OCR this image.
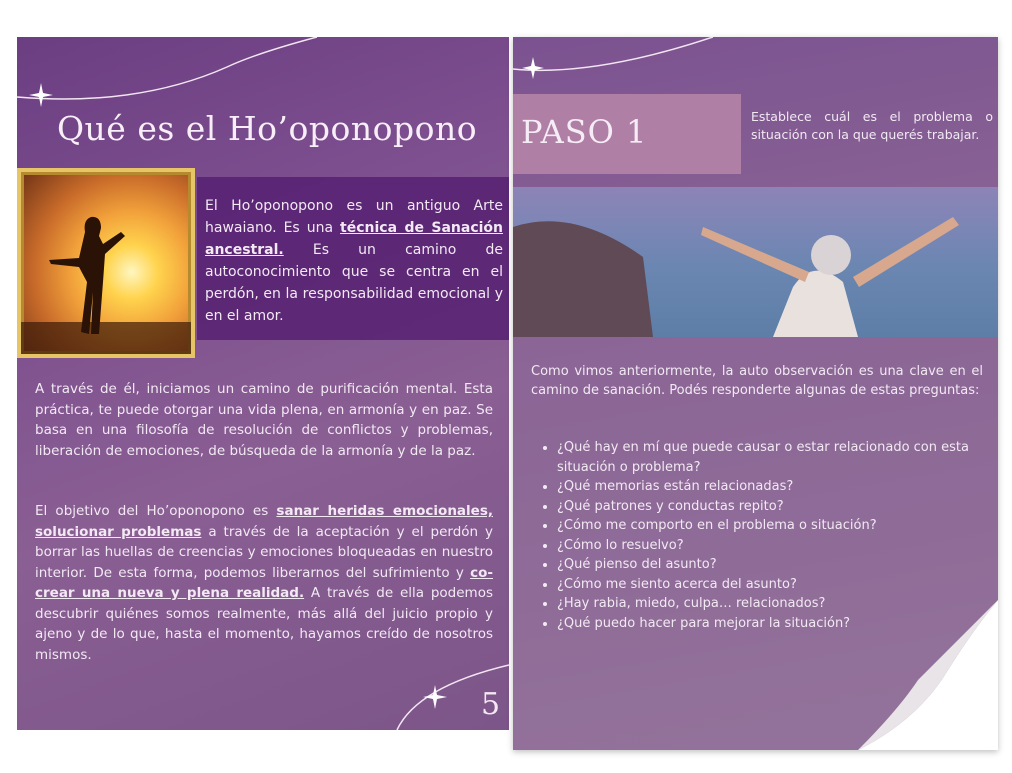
Qué es el Ho’oponopono
El Ho’oponopono es un antiguo Arte hawaiano. Es una técnica de Sanación ancestral. Es un camino de autoconocimiento que se centra en el perdón, en la responsabilidad emocional y en el amor.
A través de él, iniciamos un camino de purificación mental. Esta práctica, te puede otorgar una vida plena, en armonía y en paz. Se basa en una filosofía de resolución de conflictos y problemas, liberación de emociones, de búsqueda de la armonía y de la paz.
El objetivo del Ho’oponopono es sanar heridas emocionales, solucionar problemas a través de la aceptación y el perdón y borrar las huellas de creencias y emociones bloqueadas en nuestro interior. De esta forma, podemos liberarnos del sufrimiento y co-crear una nueva y plena realidad. A través de ella podemos descubrir quiénes somos realmente, más allá del juicio propio y ajeno y de lo que, hasta el momento, hayamos creído de nosotros mismos.
5
PASO 1	Establece cuál es el problema o situación con la que querés trabajar.
Como vimos anteriormente, la auto observación es una clave en el camino de sanación. Podés responderte algunas de estas preguntas:
• ¿Qué hay en mí que puede causar o estar relacionado con esta situación o problema?
• ¿Qué memorias están relacionadas?
• ¿Qué patrones y conductas repito?
• ¿Cómo me comporto en el problema o situación?
• ¿Cómo lo resuelvo?
• ¿Qué pienso del asunto?
• ¿Cómo me siento acerca del asunto?
• ¿Hay rabia, miedo, culpa… relacionados?
• ¿Qué puedo hacer para mejorar la situación?
